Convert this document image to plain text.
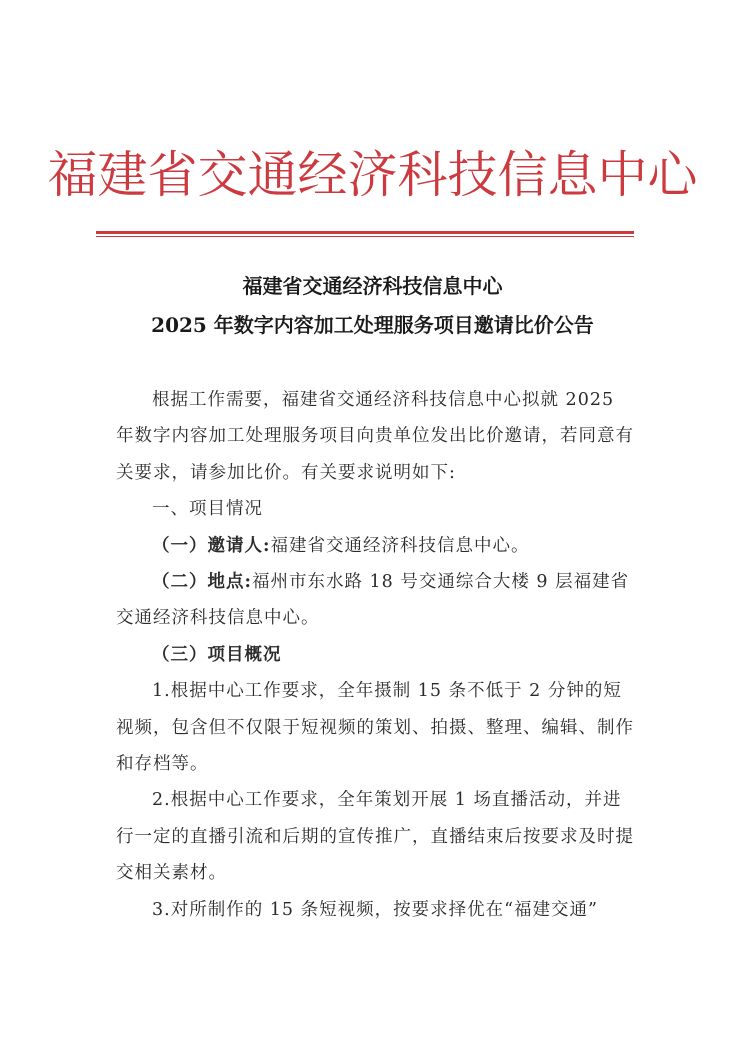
福建省交通经济科技信息中心
福建省交通经济科技信息中心
2025 年数字内容加工处理服务项目邀请比价公告

根据工作需要，福建省交通经济科技信息中心拟就 2025 年数字内容加工处理服务项目向贵单位发出比价邀请，若同意有关要求，请参加比价。有关要求说明如下:

一、项目情况

（一）邀请人:福建省交通经济科技信息中心。

（二）地点:福州市东水路 18 号交通综合大楼 9 层福建省交通经济科技信息中心。

（三）项目概况

1.根据中心工作要求，全年摄制 15 条不低于 2 分钟的短视频，包含但不仅限于短视频的策划、拍摄、整理、编辑、制作和存档等。

2.根据中心工作要求，全年策划开展 1 场直播活动，并进行一定的直播引流和后期的宣传推广，直播结束后按要求及时提交相关素材。

3.对所制作的 15 条短视频，按要求择优在“福建交通”
